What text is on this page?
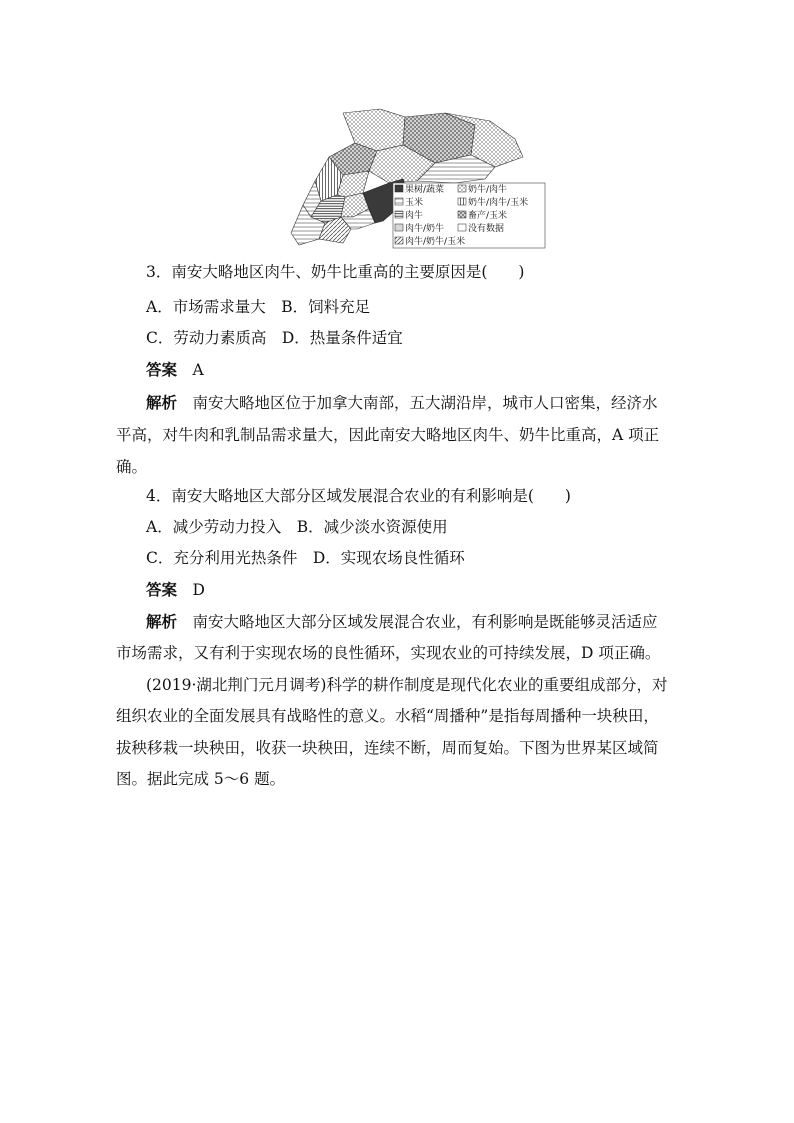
果树/蔬菜	奶牛/肉牛
玉米	奶牛/肉牛/玉米
肉牛	畜产/玉米
肉牛/奶牛	没有数据
肉牛/奶牛/玉米
3．南安大略地区肉牛、奶牛比重高的主要原因是(　　)
A．市场需求量大　B．饲料充足
C．劳动力素质高　D．热量条件适宜
答案　 A
解析　 南安大略地区位于加拿大南部，五大湖沿岸，城市人口密集，经济水
平高，对牛肉和乳制品需求量大，因此南安大略地区肉牛、奶牛比重高，A 项正
确。
4．南安大略地区大部分区域发展混合农业的有利影响是(　　)
A．减少劳动力投入　B．减少淡水资源使用
C．充分利用光热条件　D．实现农场良性循环
答案　 D
解析　 南安大略地区大部分区域发展混合农业，有利影响是既能够灵活适应
市场需求，又有利于实现农场的良性循环，实现农业的可持续发展，D 项正确。
(2019·湖北荆门元月调考)科学的耕作制度是现代化农业的重要组成部分，对
组织农业的全面发展具有战略性的意义。水稻“周播种”是指每周播种一块秧田，
拔秧移栽一块秧田，收获一块秧田，连续不断，周而复始。下图为世界某区域简
图。据此完成 5～6 题。
